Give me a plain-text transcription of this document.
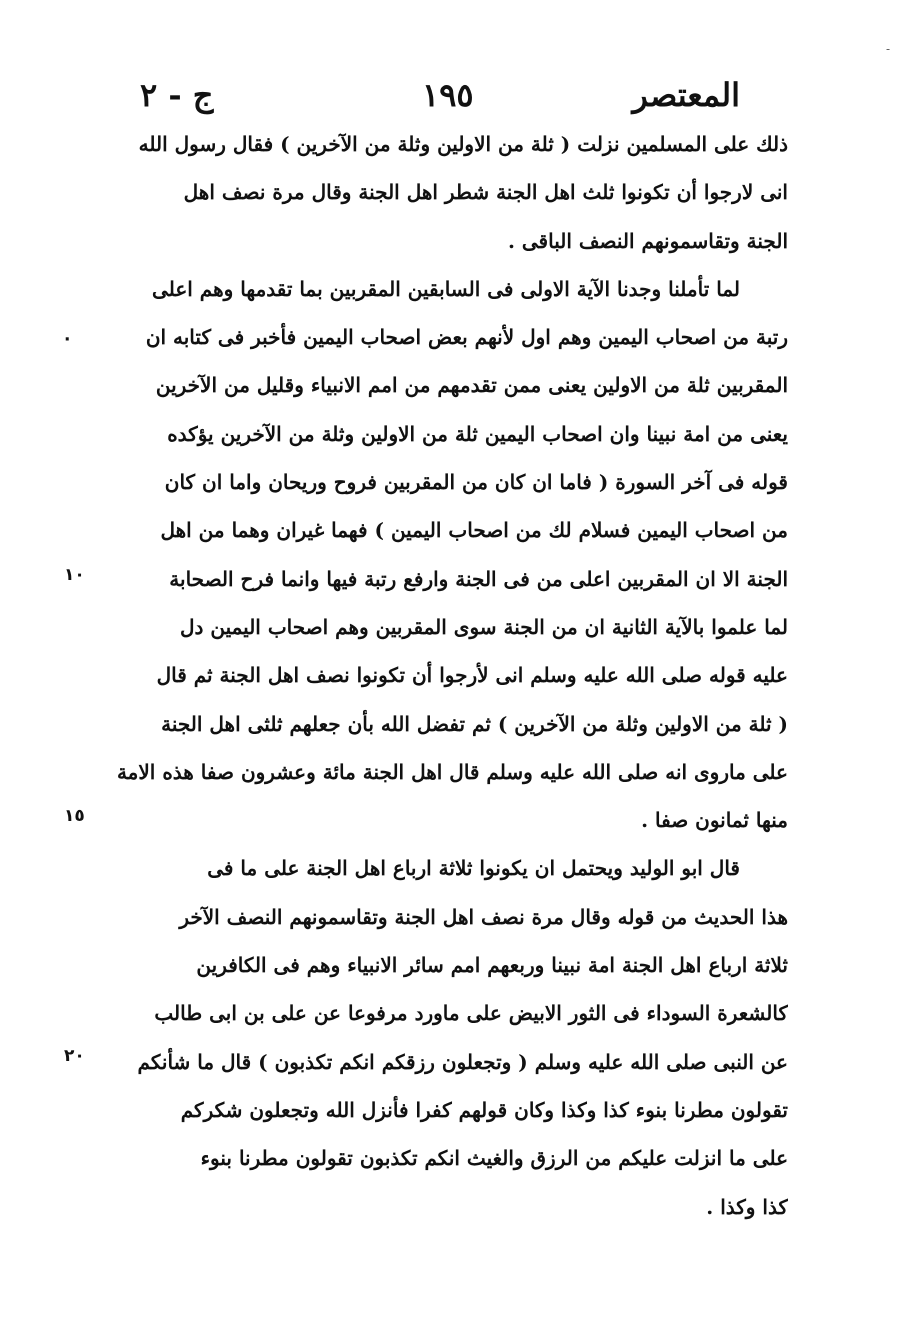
-
ج - ٢	١٩٥	المعتصر
·
١٠
١٥
٢٠
ذلك على المسلمين نزلت ( ثلة من الاولين وثلة من الآخرين ) فقال رسول الله
انى لارجوا أن تكونوا ثلث اهل الجنة شطر اهل الجنة وقال مرة نصف اهل
الجنة وتقاسمونهم النصف الباقى .
لما تأملنا وجدنا الآية الاولى فى السابقين المقربين بما تقدمها وهم اعلى
رتبة من اصحاب اليمين وهم اول لأنهم بعض اصحاب اليمين فأخبر فى كتابه ان
المقربين ثلة من الاولين يعنى ممن تقدمهم من امم الانبياء وقليل من الآخرين
يعنى من امة نبينا وان اصحاب اليمين ثلة من الاولين وثلة من الآخرين يؤكده
قوله فى آخر السورة ( فاما ان كان من المقربين فروح وريحان واما ان كان
من اصحاب اليمين فسلام لك من اصحاب اليمين ) فهما غيران وهما من اهل
الجنة الا ان المقربين اعلى من فى الجنة وارفع رتبة فيها وانما فرح الصحابة
لما علموا بالآية الثانية ان من الجنة سوى المقربين وهم اصحاب اليمين دل
عليه قوله صلى الله عليه وسلم انى لأرجوا أن تكونوا نصف اهل الجنة ثم قال
( ثلة من الاولين وثلة من الآخرين ) ثم تفضل الله بأن جعلهم ثلثى اهل الجنة
على ماروى انه صلى الله عليه وسلم قال اهل الجنة مائة وعشرون صفا هذه الامة
منها ثمانون صفا .
قال ابو الوليد ويحتمل ان يكونوا ثلاثة ارباع اهل الجنة على ما فى
هذا الحديث من قوله وقال مرة نصف اهل الجنة وتقاسمونهم النصف الآخر
ثلاثة ارباع اهل الجنة امة نبينا وربعهم امم سائر الانبياء وهم فى الكافرين
كالشعرة السوداء فى الثور الابيض على ماورد مرفوعا عن على بن ابى طالب
عن النبى صلى الله عليه وسلم ( وتجعلون رزقكم انكم تكذبون ) قال ما شأنكم
تقولون مطرنا بنوء كذا وكذا وكان قولهم كفرا فأنزل الله وتجعلون شكركم
على ما انزلت عليكم من الرزق والغيث انكم تكذبون تقولون مطرنا بنوء
كذا وكذا .
